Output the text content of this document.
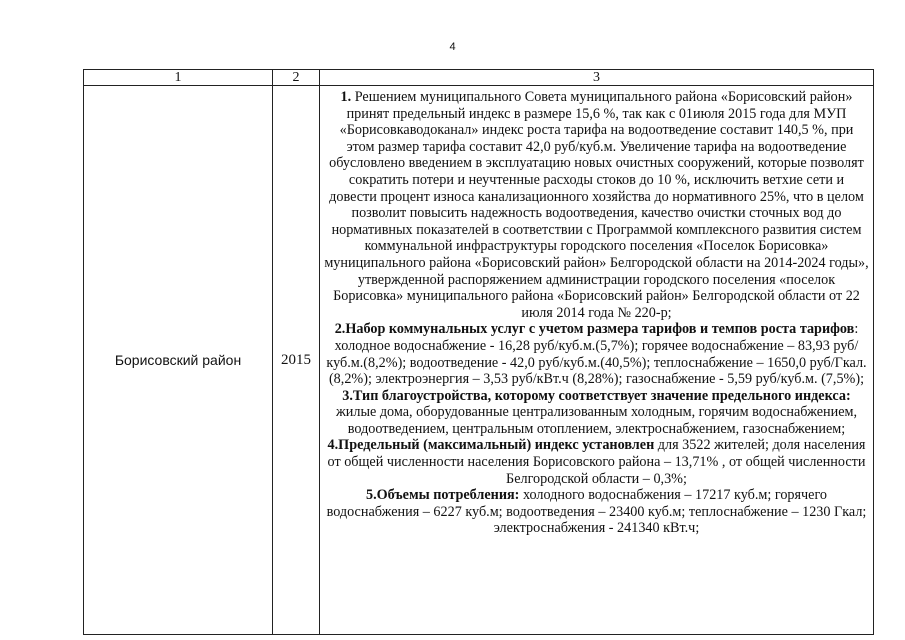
4
1	2	3
Борисовский район	2015	1. Решением муниципального Совета муниципального района «Борисовский район» принят предельный индекс в размере 15,6 %, так как с 01июля 2015 года для МУП «Борисовкаводоканал» индекс роста тарифа на водоотведение составит 140,5 %, при этом размер тарифа составит 42,0 руб/куб.м. Увеличение тарифа на водоотведение обусловлено введением в эксплуатацию новых очистных сооружений, которые позволят сократить потери и неучтенные расходы стоков до 10 %, исключить ветхие сети и довести процент износа канализационного хозяйства до нормативного 25%, что в целом позволит повысить надежность водоотведения, качество очистки сточных вод до нормативных показателей в соответствии с Программой комплексного развития систем коммунальной инфраструктуры городского поселения «Поселок Борисовка» муниципального района «Борисовский район» Белгородской области на 2014-2024 годы», утвержденной распоряжением администрации городского поселения «поселок Борисовка» муниципального района «Борисовский район» Белгородской области от 22 июля 2014 года № 220-р;

2.Набор коммунальных услуг с учетом размера тарифов и темпов роста тарифов: холодное водоснабжение - 16,28 руб/куб.м.(5,7%); горячее водоснабжение – 83,93 руб/куб.м.(8,2%); водоотведение - 42,0 руб/куб.м.(40,5%); теплоснабжение – 1650,0 руб/Гкал.(8,2%); электроэнергия – 3,53 руб/кВт.ч (8,28%); газоснабжение - 5,59 руб/куб.м. (7,5%);

3.Тип благоустройства, которому соответствует значение предельного индекса: жилые дома, оборудованные централизованным холодным, горячим водоснабжением, водоотведением, центральным отоплением, электроснабжением, газоснабжением;

4.Предельный (максимальный) индекс установлен для 3522 жителей; доля населения от общей численности населения Борисовского района – 13,71% , от общей численности Белгородской области – 0,3%;

5.Объемы потребления: холодного водоснабжения – 17217 куб.м; горячего водоснабжения – 6227 куб.м; водоотведения – 23400 куб.м; теплоснабжение – 1230 Гкал; электроснабжения - 241340 кВт.ч;
